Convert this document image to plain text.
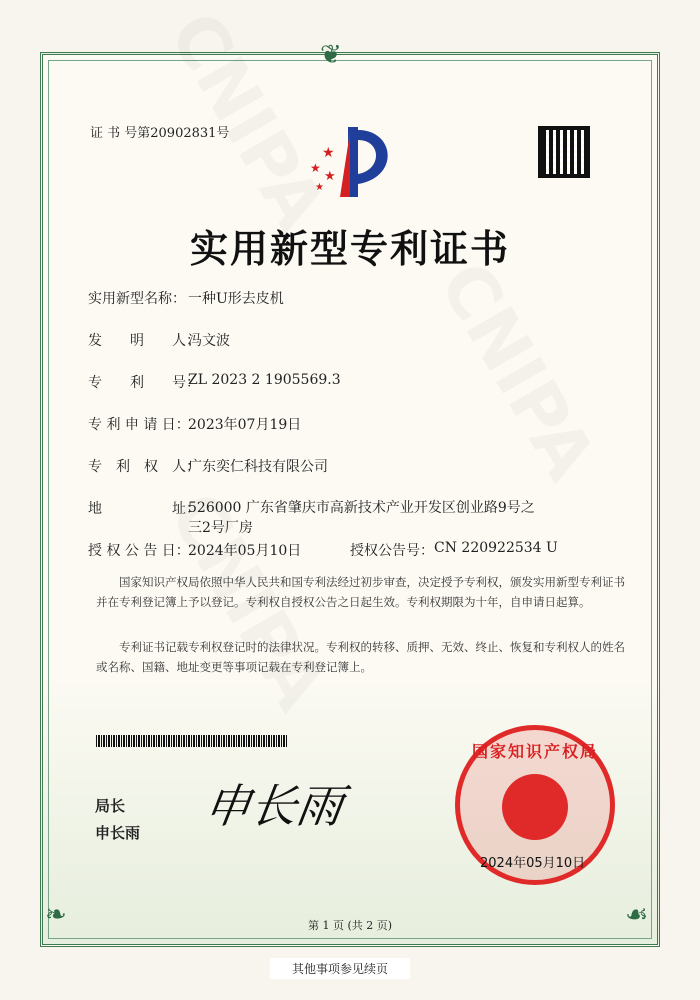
❦
❧	☙
证 书 号第20902831号
★
★
★
★
实用新型专利证书
实用新型名称： 一种U形去皮机
发　　明　　人：
冯文波
专　　利　　号：
ZL 2023 2 1905569.3
专 利 申 请 日：
2023年07月19日
专　利　权　人：
广东奕仁科技有限公司
地　　　　　址：
526000 广东省肇庆市高新技术产业开发区创业路9号之
三2号厂房
授 权 公 告 日：
2024年05月10日	授权公告号： CN 220922534 U
国家知识产权局依照中华人民共和国专利法经过初步审查，决定授予专利权，颁发实用新型专利证书并在专利登记簿上予以登记。专利权自授权公告之日起生效。专利权期限为十年，自申请日起算。
专利证书记载专利权登记时的法律状况。专利权的转移、质押、无效、终止、恢复和专利权人的姓名或名称、国籍、地址变更等事项记载在专利登记簿上。
局长
申长雨 申长雨
国家知识产权局
2024年05月10日
第 1 页 (共 2 页)
其他事项参见续页
